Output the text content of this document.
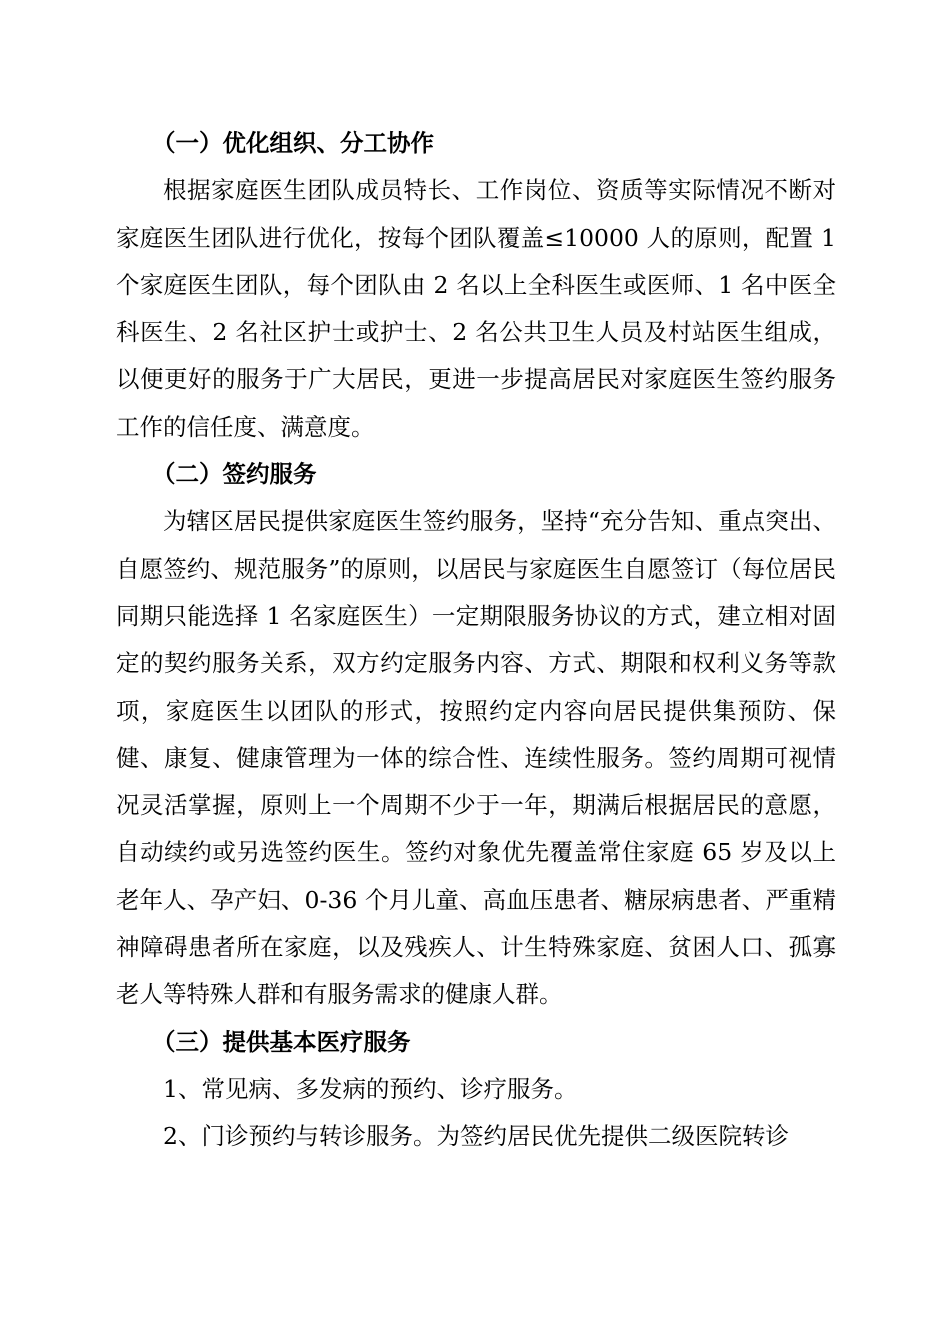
（一）优化组织、分工协作

根据家庭医生团队成员特长、工作岗位、资质等实际情况不断对家庭医生团队进行优化，按每个团队覆盖≤10000 人的原则，配置 1 个家庭医生团队，每个团队由 2 名以上全科医生或医师、1 名中医全科医生、2 名社区护士或护士、2 名公共卫生人员及村站医生组成，以便更好的服务于广大居民，更进一步提高居民对家庭医生签约服务工作的信任度、满意度。

（二）签约服务

为辖区居民提供家庭医生签约服务，坚持“充分告知、重点突出、自愿签约、规范服务”的原则，以居民与家庭医生自愿签订（每位居民同期只能选择 1 名家庭医生）一定期限服务协议的方式，建立相对固定的契约服务关系，双方约定服务内容、方式、期限和权利义务等款项，家庭医生以团队的形式，按照约定内容向居民提供集预防、保健、康复、健康管理为一体的综合性、连续性服务。签约周期可视情况灵活掌握，原则上一个周期不少于一年，期满后根据居民的意愿，自动续约或另选签约医生。签约对象优先覆盖常住家庭 65 岁及以上老年人、孕产妇、0-36 个月儿童、高血压患者、糖尿病患者、严重精神障碍患者所在家庭，以及残疾人、计生特殊家庭、贫困人口、孤寡老人等特殊人群和有服务需求的健康人群。

（三）提供基本医疗服务

1、常见病、多发病的预约、诊疗服务。

2、门诊预约与转诊服务。为签约居民优先提供二级医院转诊
